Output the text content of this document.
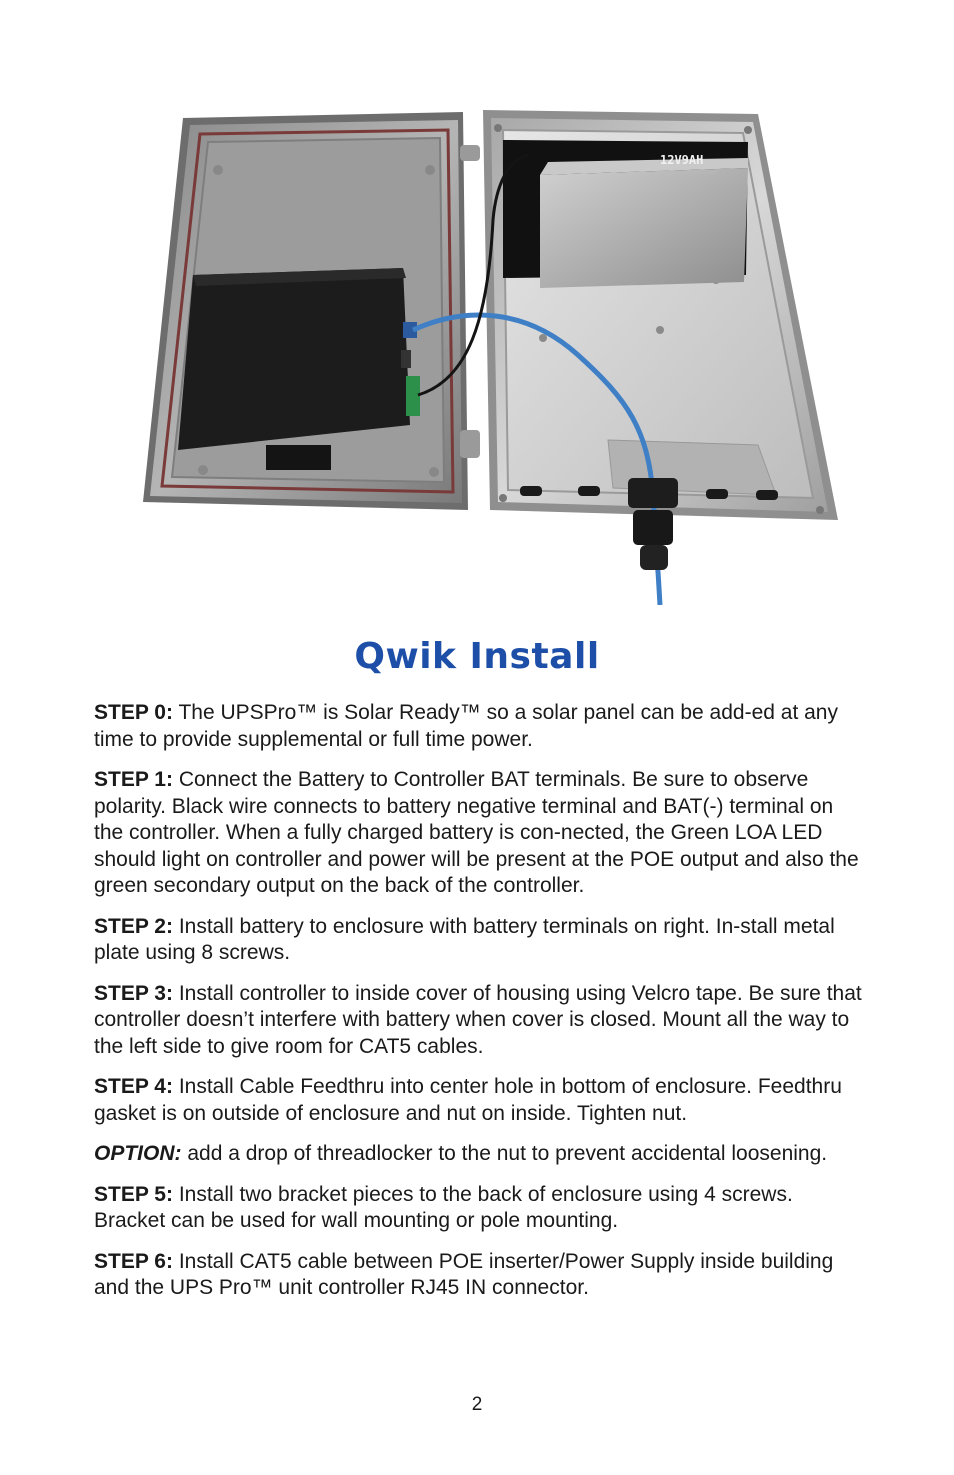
12V9AH
SEALED LEAD ACID BATTERY
Qwik Install

STEP 0: The UPSPro™ is Solar Ready™ so a solar panel can be add-ed at any time to provide supplemental or full time power.

STEP 1: Connect the Battery to Controller BAT terminals. Be sure to observe polarity. Black wire connects to battery negative terminal and BAT(-) terminal on the controller. When a fully charged battery is con-nected, the Green LOA LED should light on controller and power will be present at the POE output and also the green secondary output on the back of the controller.

STEP 2: Install battery to enclosure with battery terminals on right. In-stall metal plate using 8 screws.

STEP 3: Install controller to inside cover of housing using Velcro tape. Be sure that controller doesn’t interfere with battery when cover is closed. Mount all the way to the left side to give room for CAT5 cables.

STEP 4: Install Cable Feedthru into center hole in bottom of enclosure. Feedthru gasket is on outside of enclosure and nut on inside. Tighten nut.

OPTION: add a drop of threadlocker to the nut to prevent accidental loosening.

STEP 5: Install two bracket pieces to the back of enclosure using 4 screws. Bracket can be used for wall mounting or pole mounting.

STEP 6: Install CAT5 cable between POE inserter/Power Supply inside building and the UPS Pro™ unit controller RJ45 IN connector.

2
